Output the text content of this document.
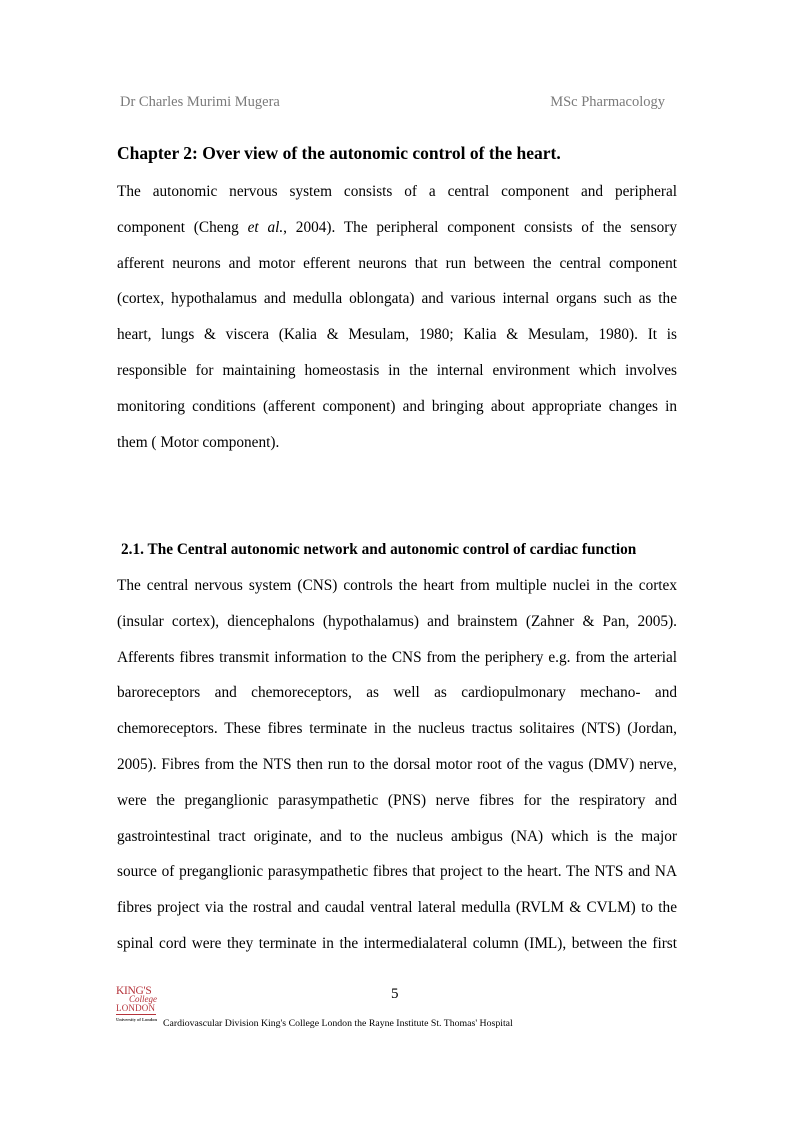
Dr Charles Murimi Mugera	MSc Pharmacology
Chapter 2: Over view of the autonomic control of the heart.
The autonomic nervous system consists of a central component and peripheral
component (Cheng et al., 2004). The peripheral component consists of the sensory
afferent neurons and motor efferent neurons that run between the central component
(cortex, hypothalamus and medulla oblongata) and various internal organs such as the
heart, lungs & viscera (Kalia & Mesulam, 1980; Kalia & Mesulam, 1980). It is
responsible for maintaining homeostasis in the internal environment which involves
monitoring conditions (afferent component) and bringing about appropriate changes in
them ( Motor component).
2.1. The Central autonomic network and autonomic control of cardiac function
The central nervous system (CNS) controls the heart from multiple nuclei in the cortex
(insular cortex), diencephalons (hypothalamus) and brainstem (Zahner & Pan, 2005).
Afferents fibres transmit information to the CNS from the periphery e.g. from the arterial
baroreceptors and chemoreceptors, as well as cardiopulmonary mechano- and
chemoreceptors. These fibres terminate in the nucleus tractus solitaires (NTS) (Jordan,
2005). Fibres from the NTS then run to the dorsal motor root of the vagus (DMV) nerve,
were the preganglionic parasympathetic (PNS) nerve fibres for the respiratory and
gastrointestinal tract originate, and to the nucleus ambigus (NA) which is the major
source of preganglionic parasympathetic fibres that project to the heart. The NTS and NA
fibres project via the rostral and caudal ventral lateral medulla (RVLM & CVLM) to the
spinal cord were they terminate in the intermedialateral column (IML), between the first
KING'S
College
LONDON
University of London
5
Cardiovascular Division King's College London the Rayne Institute St. Thomas' Hospital
